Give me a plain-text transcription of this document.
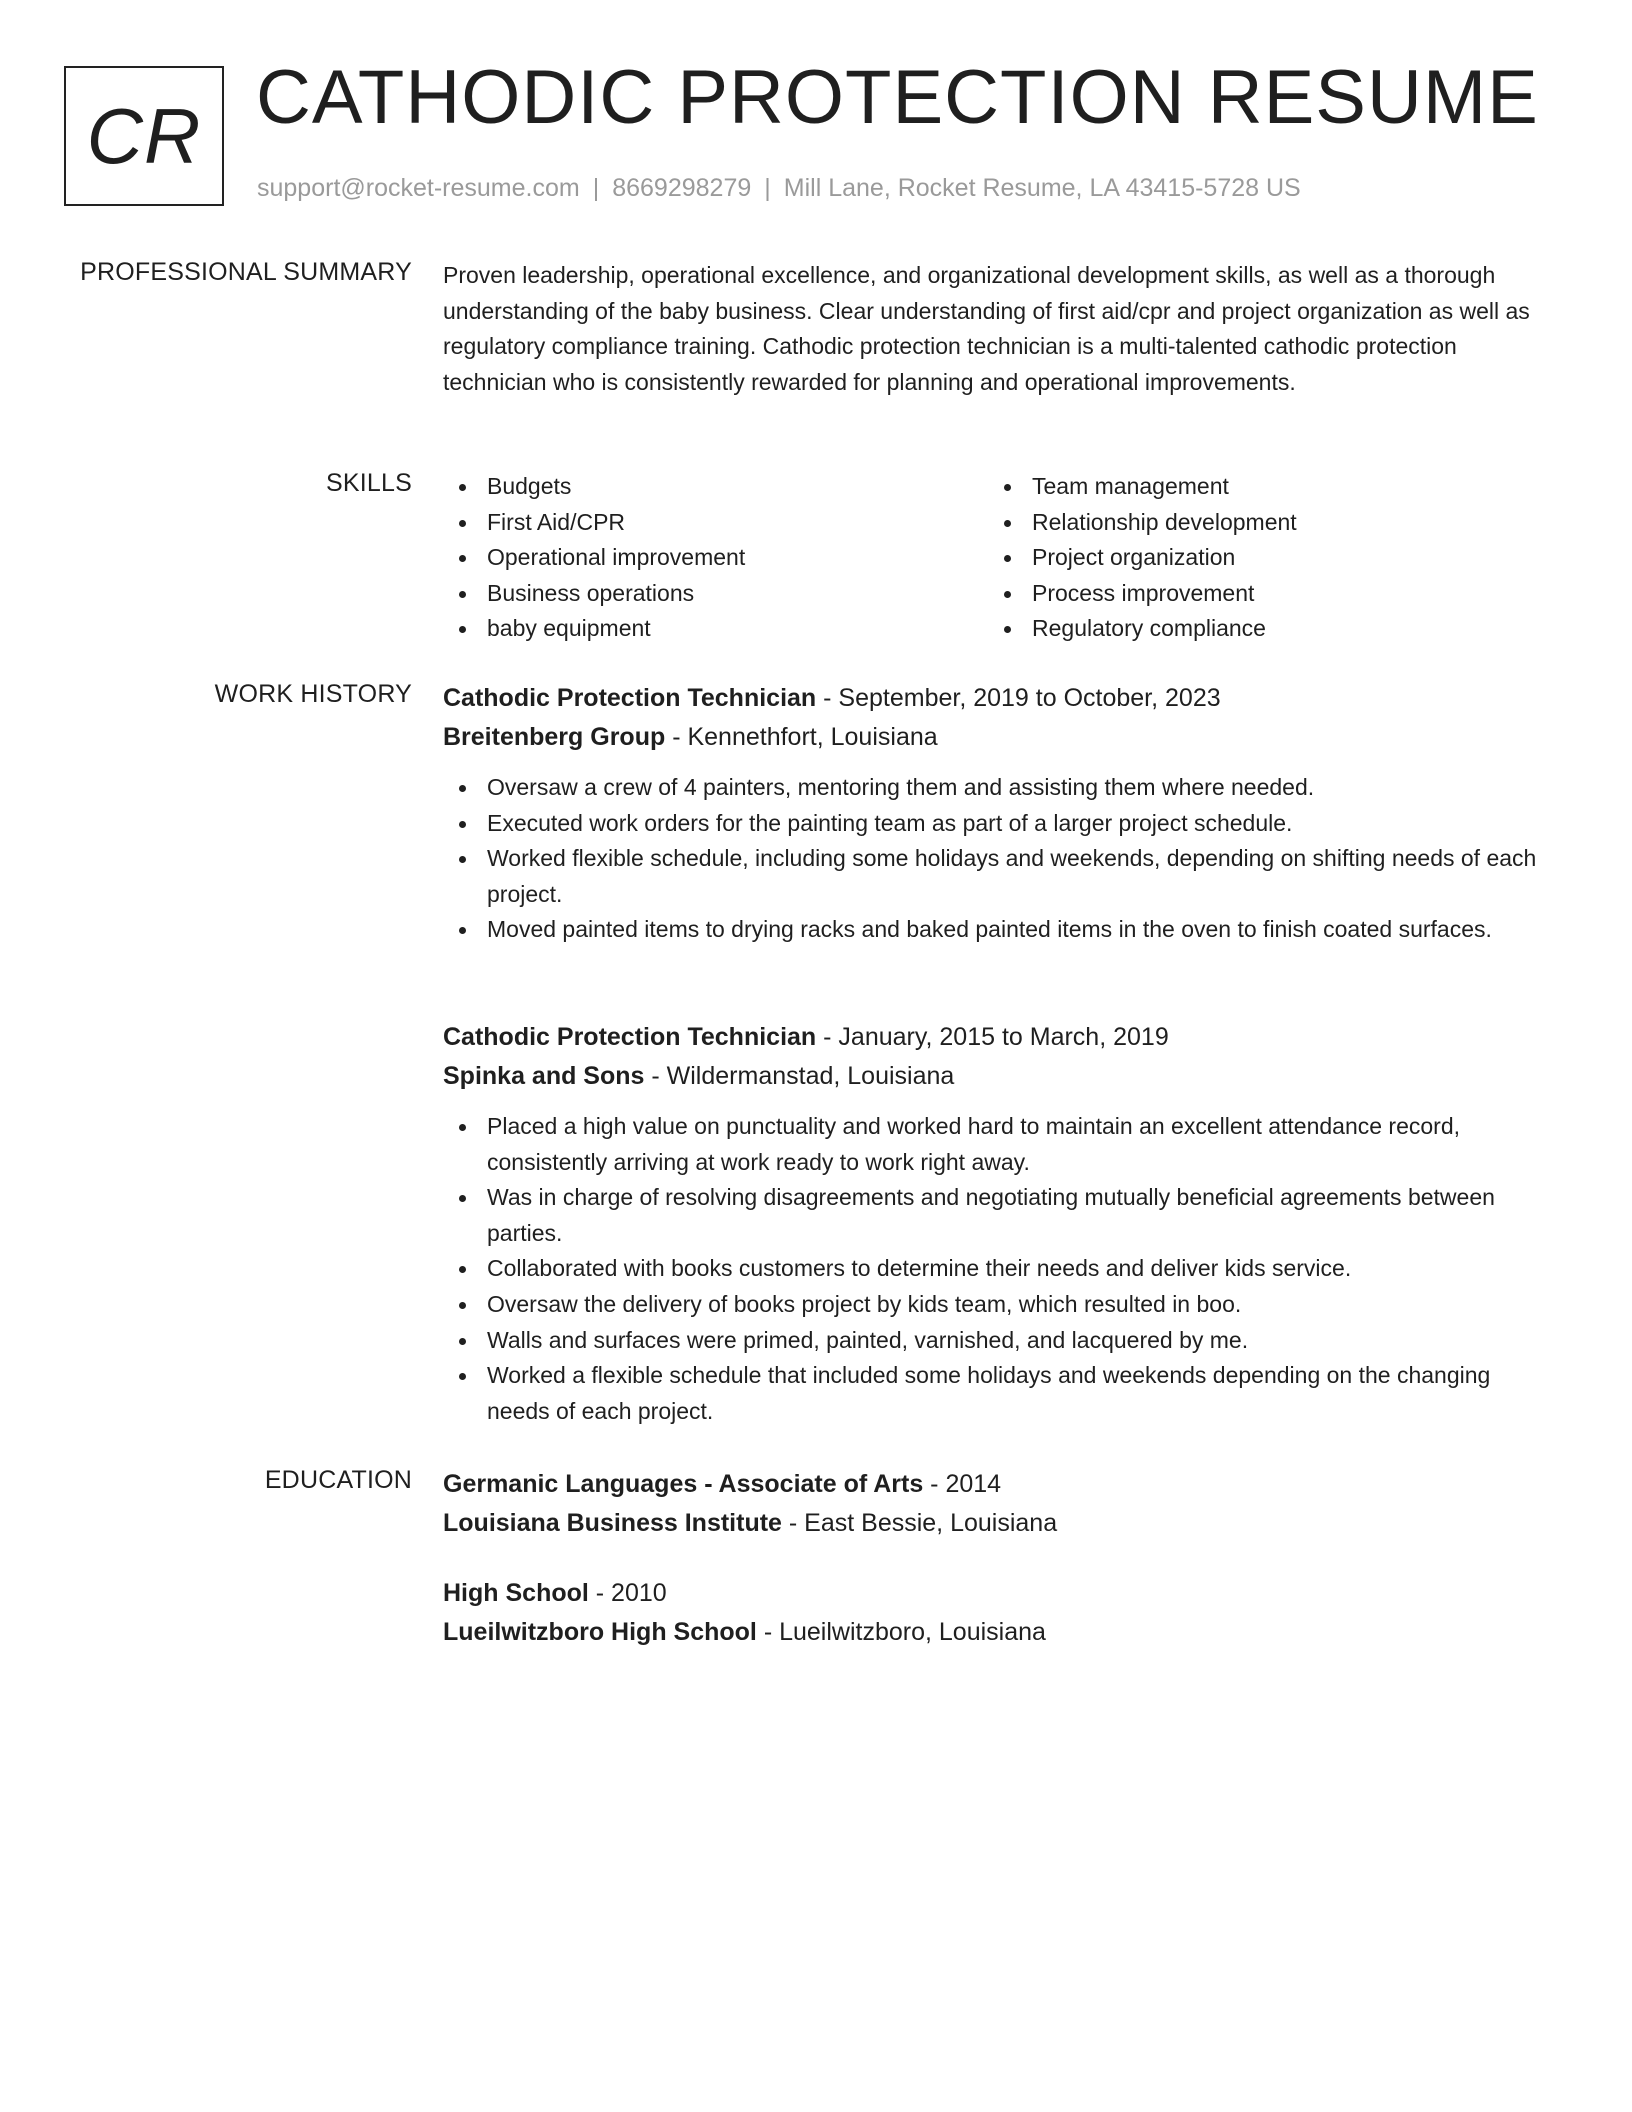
CR CATHODIC PROTECTION RESUME
support@rocket-resume.com | 8669298279 | Mill Lane, Rocket Resume, LA 43415-5728 US
PROFESSIONAL SUMMARY Proven leadership, operational excellence, and organizational development skills, as well as a thorough understanding of the baby business. Clear understanding of first aid/cpr and project organization as well as regulatory compliance training. Cathodic protection technician is a multi-talented cathodic protection technician who is consistently rewarded for planning and operational improvements.

SKILLS	Budgets
First Aid/CPR
Operational improvement
Business operations
baby equipment
Team management
Relationship development
Project organization
Process improvement
Regulatory compliance
WORK HISTORY Cathodic Protection Technician - September, 2019 to October, 2023
Breitenberg Group - Kennethfort, Louisiana
Oversaw a crew of 4 painters, mentoring them and assisting them where needed.
Executed work orders for the painting team as part of a larger project schedule.
Worked flexible schedule, including some holidays and weekends, depending on shifting needs of each project.
Moved painted items to drying racks and baked painted items in the oven to finish coated surfaces.
Cathodic Protection Technician - January, 2015 to March, 2019
Spinka and Sons - Wildermanstad, Louisiana
Placed a high value on punctuality and worked hard to maintain an excellent attendance record, consistently arriving at work ready to work right away.
Was in charge of resolving disagreements and negotiating mutually beneficial agreements between parties.
Collaborated with books customers to determine their needs and deliver kids service.
Oversaw the delivery of books project by kids team, which resulted in boo.
Walls and surfaces were primed, painted, varnished, and lacquered by me.
Worked a flexible schedule that included some holidays and weekends depending on the changing needs of each project.
EDUCATION Germanic Languages - Associate of Arts - 2014
Louisiana Business Institute - East Bessie, Louisiana
High School - 2010
Lueilwitzboro High School - Lueilwitzboro, Louisiana
